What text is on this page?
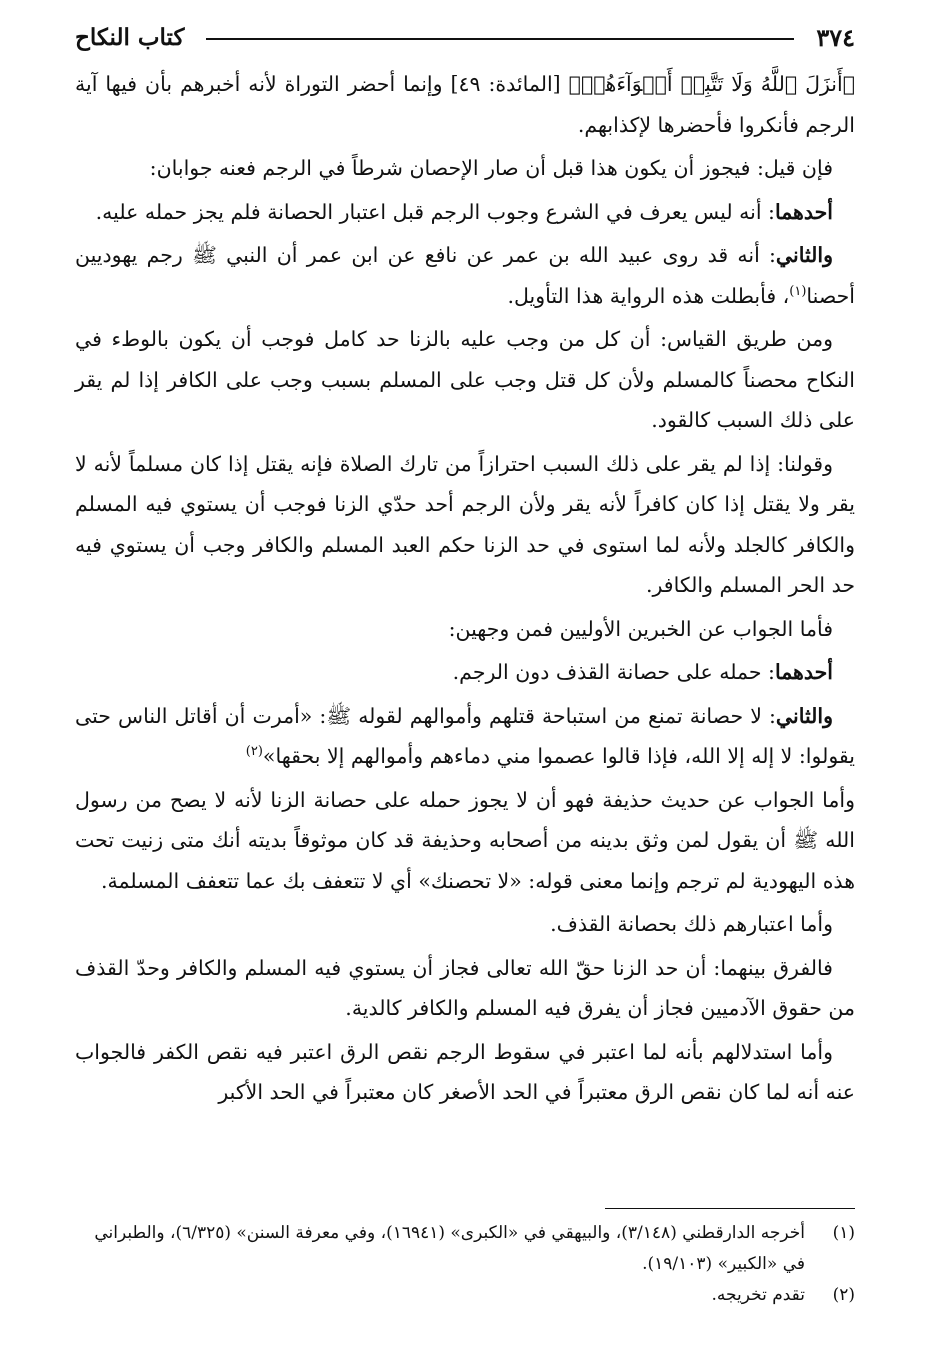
٣٧٤
كتاب النكاح

﴿أَنزَلَ ٱللَّهُ وَلَا تَتَّبِعۡ أَهۡوَآءَهُمۡ﴾ [المائدة: ٤٩] وإنما أحضر التوراة لأنه أخبرهم بأن فيها آية الرجم فأنكروا فأحضرها لإكذابهم.

فإن قيل: فيجوز أن يكون هذا قبل أن صار الإحصان شرطاً في الرجم فعنه جوابان:

أحدهما: أنه ليس يعرف في الشرع وجوب الرجم قبل اعتبار الحصانة فلم يجز حمله عليه.

والثاني: أنه قد روى عبيد الله بن عمر عن نافع عن ابن عمر أن النبي ﷺ رجم يهوديين أحصنا$^{(١)}$، فأبطلت هذه الرواية هذا التأويل.

ومن طريق القياس: أن كل من وجب عليه بالزنا حد كامل فوجب أن يكون بالوطء في النكاح محصناً كالمسلم ولأن كل قتل وجب على المسلم بسبب وجب على الكافر إذا لم يقر على ذلك السبب كالقود.

وقولنا: إذا لم يقر على ذلك السبب احترازاً من تارك الصلاة فإنه يقتل إذا كان مسلماً لأنه لا يقر ولا يقتل إذا كان كافراً لأنه يقر ولأن الرجم أحد حدّي الزنا فوجب أن يستوي فيه المسلم والكافر كالجلد ولأنه لما استوى في حد الزنا حكم العبد المسلم والكافر وجب أن يستوي فيه حد الحر المسلم والكافر.

فأما الجواب عن الخبرين الأوليين فمن وجهين:

أحدهما: حمله على حصانة القذف دون الرجم.

والثاني: لا حصانة تمنع من استباحة قتلهم وأموالهم لقوله ﷺ: «أمرت أن أقاتل الناس حتى يقولوا: لا إله إلا الله، فإذا قالوا عصموا مني دماءهم وأموالهم إلا بحقها»$^{(٢)}$

وأما الجواب عن حديث حذيفة فهو أن لا يجوز حمله على حصانة الزنا لأنه لا يصح من رسول الله ﷺ أن يقول لمن وثق بدينه من أصحابه وحذيفة قد كان موثوقاً بديته أنك متى زنيت تحت هذه اليهودية لم ترجم وإنما معنى قوله: «لا تحصنك» أي لا تتعفف بك عما تتعفف المسلمة.

وأما اعتبارهم ذلك بحصانة القذف.

فالفرق بينهما: أن حد الزنا حقّ الله تعالى فجاز أن يستوي فيه المسلم والكافر وحدّ القذف من حقوق الآدميين فجاز أن يفرق فيه المسلم والكافر كالدية.

وأما استدلالهم بأنه لما اعتبر في سقوط الرجم نقص الرق اعتبر فيه نقص الكفر فالجواب عنه أنه لما كان نقص الرق معتبراً في الحد الأصغر كان معتبراً في الحد الأكبر

(١)
أخرجه الدارقطني (٣/١٤٨)، والبيهقي في «الكبرى» (١٦٩٤١)، وفي معرفة السنن» (٦/٣٢٥)، والطبراني في «الكبير» (١٩/١٠٣).
(٢)
تقدم تخريجه.
